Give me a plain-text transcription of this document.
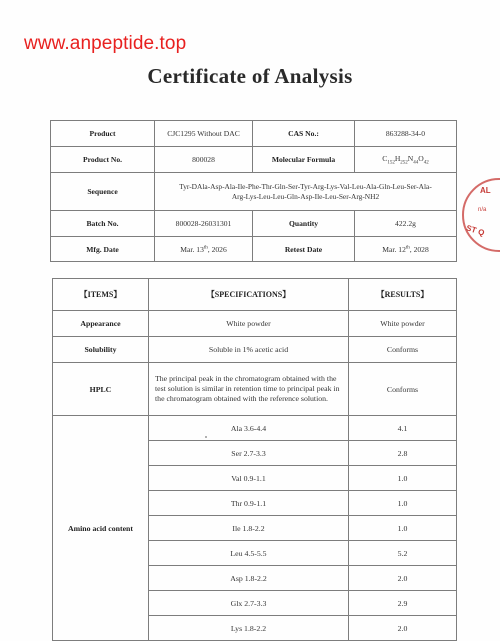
www.anpeptide.top
Certificate of Analysis
Product	CJC1295 Without DAC	CAS No.:	863288-34-0
Product No.	800028	Molecular Formula	$C_{152}H_{252}N_{44}O_{42}$
Sequence	Tyr-DAla-Asp-Ala-Ile-Phe-Thr-Gln-Ser-Tyr-Arg-Lys-Val-Leu-Ala-Gln-Leu-Ser-Ala-
Arg-Lys-Leu-Leu-Gln-Asp-Ile-Leu-Ser-Arg-NH2		

Batch No.	800028-26031301	Quantity	422.2g
Mfg. Date	Mar. 13th, 2026	Retest Date	Mar. 12th, 2028
【ITEMS】	【SPECIFICATIONS】	【RESULTS】
Appearance	White powder	White powder
Solubility	Soluble in 1% acetic acid	Conforms
HPLC	The principal peak in the chromatogram obtained with the test solution is similar in retention time to principal peak in the chromatogram obtained with the reference solution.	Conforms
Amino acid content	Ala 3.6-4.4	4.1
	Ser 2.7-3.3	2.8
	Val 0.9-1.1	1.0
	Thr 0.9-1.1	1.0
	Ile 1.8-2.2	1.0
	Leu 4.5-5.5	5.2
	Asp 1.8-2.2	2.0
	Glx 2.7-3.3	2.9
	Lys 1.8-2.2	2.0
AL
n/a
ST Q
